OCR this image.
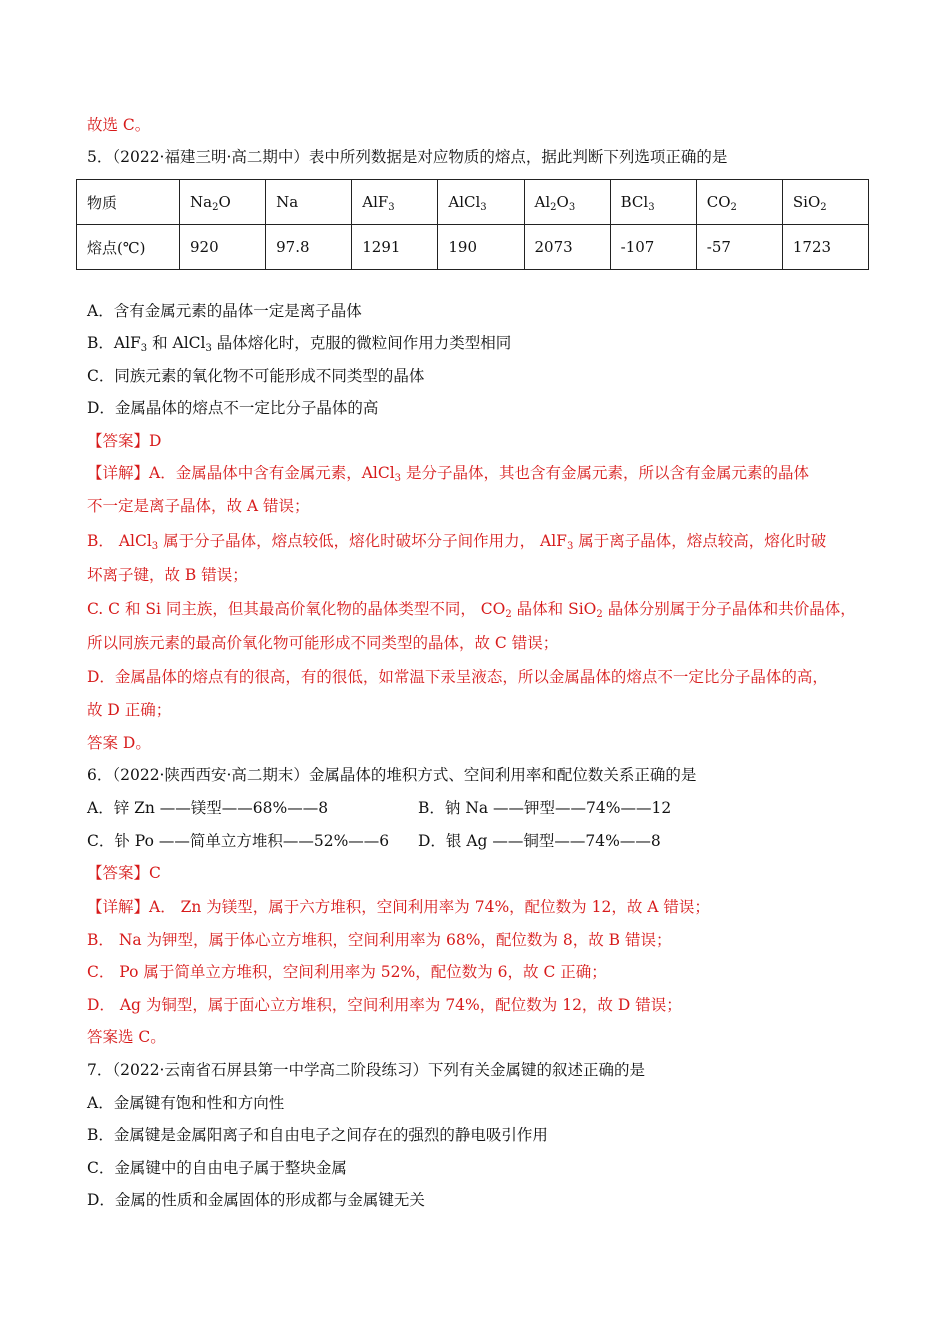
故选 C。
5．（2022·福建三明·高二期中）表中所列数据是对应物质的熔点，据此判断下列选项正确的是
物质	$Na_2O$	Na	AlF$_3$	AlCl$_3$	$Al_2O_3$	BCl$_3$	$CO_2$	SiO$_2$
熔点(℃)	920	97.8	1291	190	2073	-107	-57	1723
A．含有金属元素的晶体一定是离子晶体
B．AlF$_3$ 和 AlCl$_3$ 晶体熔化时，克服的微粒间作用力类型相同
C．同族元素的氧化物不可能形成不同类型的晶体
D．金属晶体的熔点不一定比分子晶体的高
【答案】D
【详解】A．金属晶体中含有金属元素，AlCl$_3$ 是分子晶体，其也含有金属元素，所以含有金属元素的晶体
不一定是离子晶体，故 A 错误；
B． AlCl$_3$ 属于分子晶体，熔点较低，熔化时破坏分子间作用力， AlF$_3$ 属于离子晶体，熔点较高，熔化时破
坏离子键，故 B 错误；
C. C 和 Si 同主族，但其最高价氧化物的晶体类型不同， $CO_2$ 晶体和 SiO$_2$ 晶体分别属于分子晶体和共价晶体，
所以同族元素的最高价氧化物可能形成不同类型的晶体，故 C 错误；
D．金属晶体的熔点有的很高，有的很低，如常温下汞呈液态，所以金属晶体的熔点不一定比分子晶体的高，
故 D 正确；
答案 D。
6．（2022·陕西西安·高二期末）金属晶体的堆积方式、空间利用率和配位数关系正确的是
A．锌 Zn ——镁型——68%——8	B．钠 Na ——钾型——74%——12
C．钋 Po ——简单立方堆积——52%——6 D．银 Ag ——铜型——74%——8
【答案】C
【详解】A． Zn 为镁型，属于六方堆积，空间利用率为 74%，配位数为 12，故 A 错误；
B． Na 为钾型，属于体心立方堆积，空间利用率为 68%，配位数为 8，故 B 错误；
C． Po 属于简单立方堆积，空间利用率为 52%，配位数为 6，故 C 正确；
D． Ag 为铜型，属于面心立方堆积，空间利用率为 74%，配位数为 12，故 D 错误；
答案选 C。
7．（2022·云南省石屏县第一中学高二阶段练习）下列有关金属键的叙述正确的是
A．金属键有饱和性和方向性
B．金属键是金属阳离子和自由电子之间存在的强烈的静电吸引作用
C．金属键中的自由电子属于整块金属
D．金属的性质和金属固体的形成都与金属键无关
